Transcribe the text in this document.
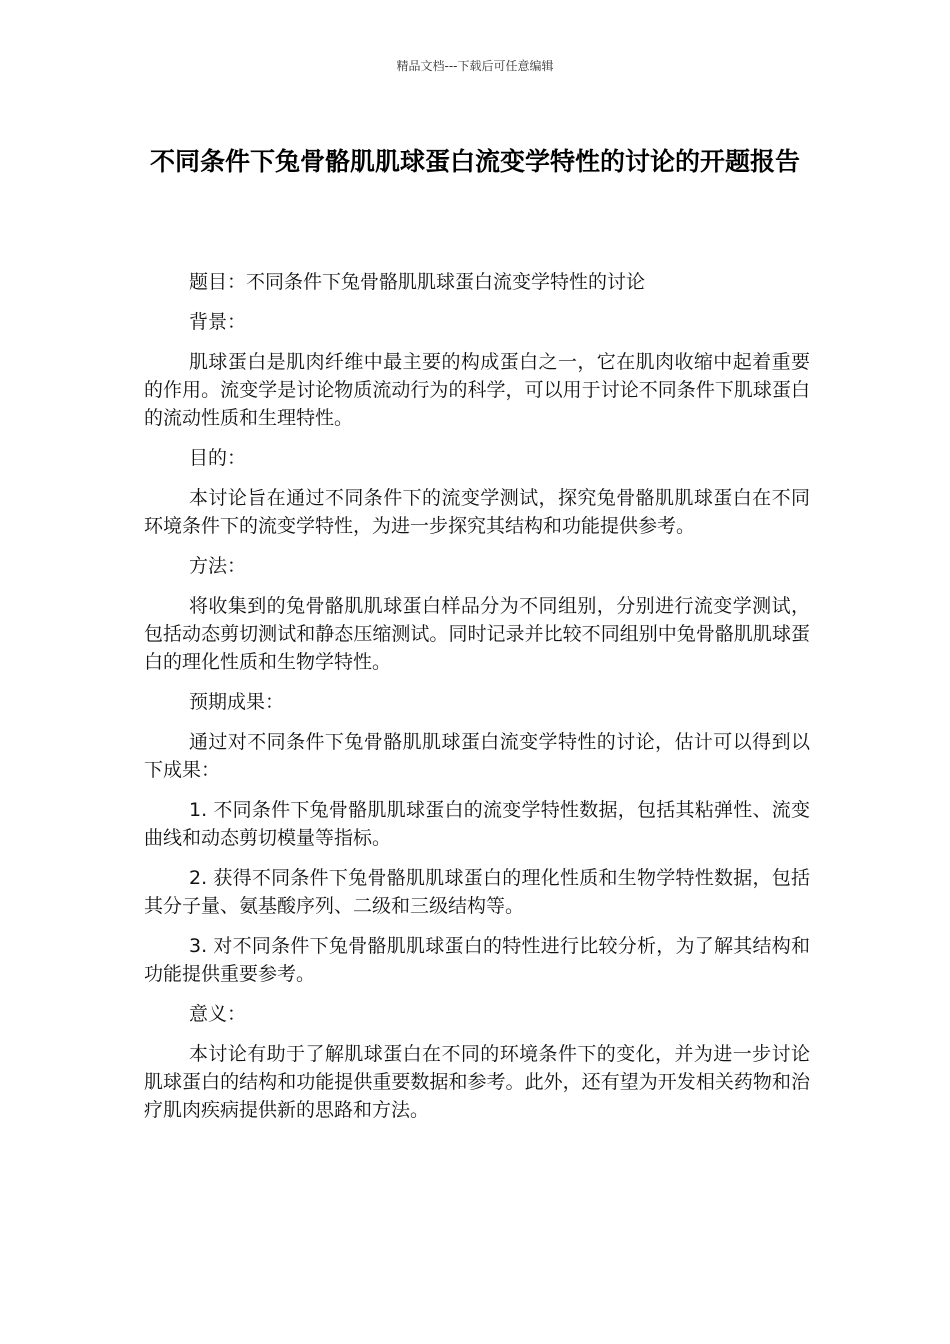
精品文档---下载后可任意编辑
不同条件下兔骨骼肌肌球蛋白流变学特性的讨论的开题报告

题目：不同条件下兔骨骼肌肌球蛋白流变学特性的讨论

背景：

肌球蛋白是肌肉纤维中最主要的构成蛋白之一，它在肌肉收缩中起着重要的作用。流变学是讨论物质流动行为的科学，可以用于讨论不同条件下肌球蛋白的流动性质和生理特性。

目的：

本讨论旨在通过不同条件下的流变学测试，探究兔骨骼肌肌球蛋白在不同环境条件下的流变学特性，为进一步探究其结构和功能提供参考。

方法：

将收集到的兔骨骼肌肌球蛋白样品分为不同组别，分别进行流变学测试，包括动态剪切测试和静态压缩测试。同时记录并比较不同组别中兔骨骼肌肌球蛋白的理化性质和生物学特性。

预期成果：

通过对不同条件下兔骨骼肌肌球蛋白流变学特性的讨论，估计可以得到以下成果：

1. 不同条件下兔骨骼肌肌球蛋白的流变学特性数据，包括其粘弹性、流变曲线和动态剪切模量等指标。

2. 获得不同条件下兔骨骼肌肌球蛋白的理化性质和生物学特性数据，包括其分子量、氨基酸序列、二级和三级结构等。

3. 对不同条件下兔骨骼肌肌球蛋白的特性进行比较分析，为了解其结构和功能提供重要参考。

意义：

本讨论有助于了解肌球蛋白在不同的环境条件下的变化，并为进一步讨论肌球蛋白的结构和功能提供重要数据和参考。此外，还有望为开发相关药物和治疗肌肉疾病提供新的思路和方法。
